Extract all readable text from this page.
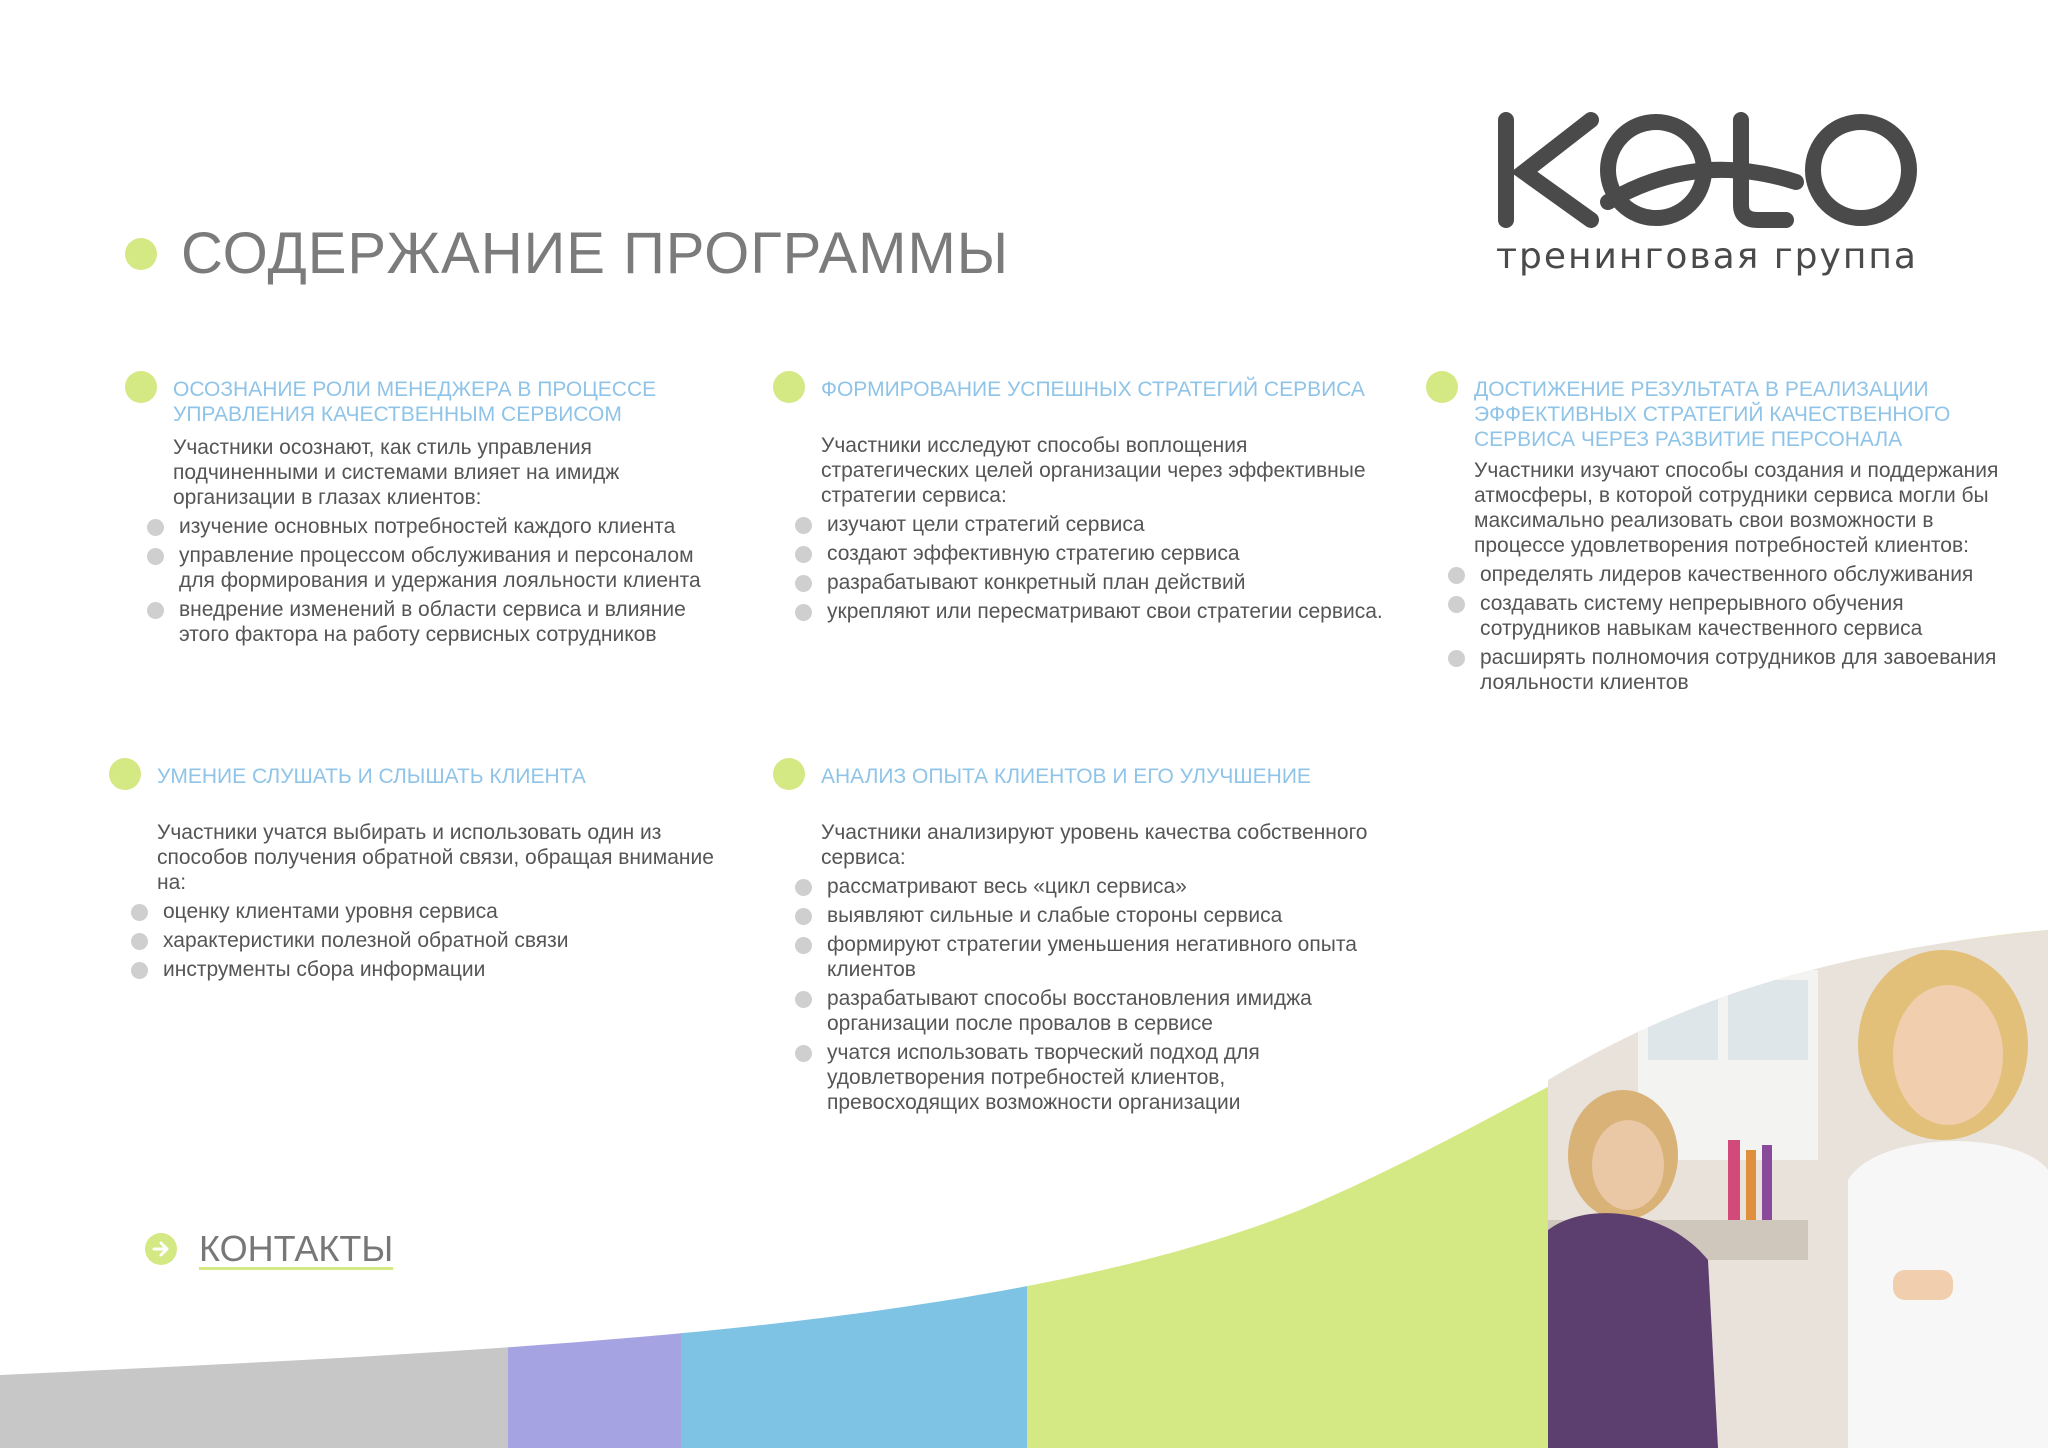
СОДЕРЖАНИЕ ПРОГРАММЫ	тренинговая группа
ОСОЗНАНИЕ РОЛИ МЕНЕДЖЕРА В ПРОЦЕССЕ УПРАВЛЕНИЯ КАЧЕСТВЕННЫМ СЕРВИСОМ

Участники осознают, как стиль управления подчиненными и системами влияет на имидж организации в глазах клиентов:

изучение основных потребностей каждого клиента
управление процессом обслуживания и персоналом для формирования и удержания лояльности клиента
внедрение изменений в области сервиса и влияние этого фактора на работу сервисных сотрудников
ФОРМИРОВАНИЕ УСПЕШНЫХ СТРАТЕГИЙ СЕРВИСА

Участники исследуют способы воплощения стратегических целей организации через эффективные стратегии сервиса:

изучают цели стратегий сервиса
создают эффективную стратегию сервиса
разрабатывают конкретный план действий
укрепляют или пересматривают свои стратегии сервиса.
ДОСТИЖЕНИЕ РЕЗУЛЬТАТА В РЕАЛИЗАЦИИ ЭФФЕКТИВНЫХ СТРАТЕГИЙ КАЧЕСТВЕННОГО СЕРВИСА ЧЕРЕЗ РАЗВИТИЕ ПЕРСОНАЛА

Участники изучают способы создания и поддержания атмосферы, в которой сотрудники сервиса могли бы максимально реализовать свои возможности в процессе удовлетворения потребностей клиентов:

определять лидеров качественного обслуживания
создавать систему непрерывного обучения сотрудников навыкам качественного сервиса
расширять полномочия сотрудников для завоевания лояльности клиентов
УМЕНИЕ СЛУШАТЬ И СЛЫШАТЬ КЛИЕНТА

Участники учатся выбирать и использовать один из способов получения обратной связи, обращая внимание на:

оценку клиентами уровня сервиса
характеристики полезной обратной связи
инструменты сбора информации
АНАЛИЗ ОПЫТА КЛИЕНТОВ И ЕГО УЛУЧШЕНИЕ

Участники анализируют уровень качества собственного сервиса:

рассматривают весь «цикл сервиса»
выявляют сильные и слабые стороны сервиса
формируют стратегии уменьшения негативного опыта клиентов
разрабатывают способы восстановления имиджа организации после провалов в сервисе
учатся использовать творческий подход для удовлетворения потребностей клиентов, превосходящих возможности организации
КОНТАКТЫ
